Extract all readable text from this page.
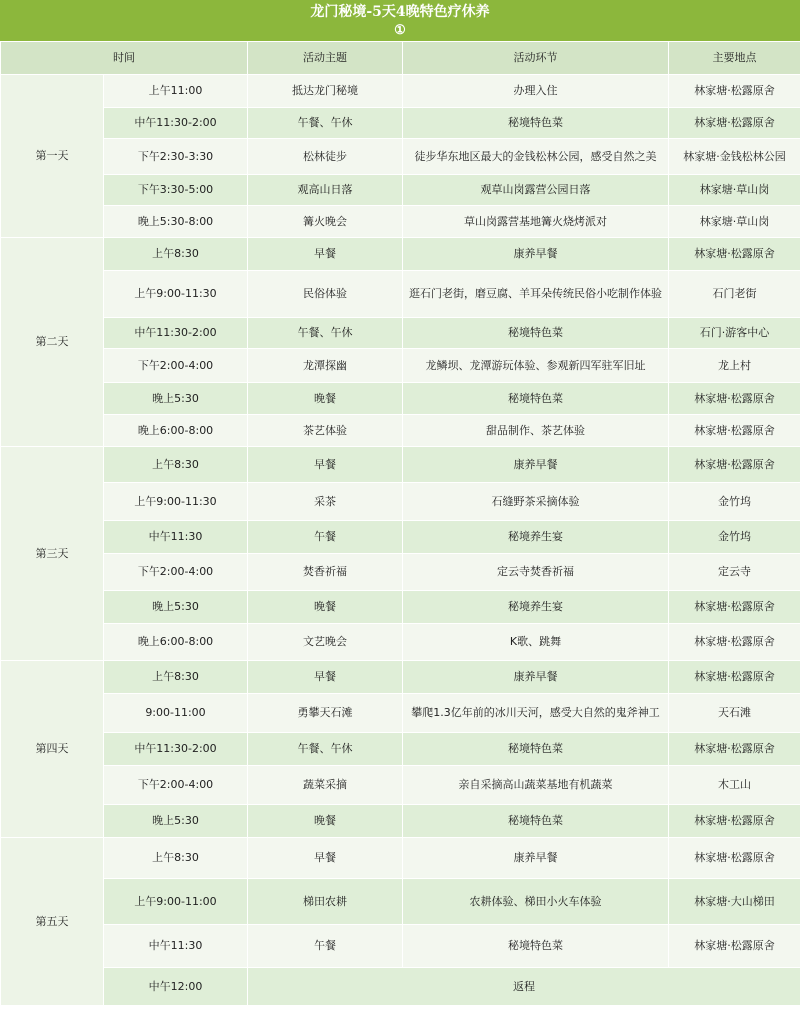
龙门秘境-5天4晚特色疗休养
①
时间		活动主题	活动环节	主要地点
第一天	上午11:00	抵达龙门秘境	办理入住	林家塘·松露原舍
	中午11:30-2:00	午餐、午休	秘境特色菜	林家塘·松露原舍
	下午2:30-3:30	松林徒步	徒步华东地区最大的金钱松林公园，感受自然之美	林家塘·金钱松林公园
	下午3:30-5:00	观高山日落	观草山岗露营公园日落	林家塘·草山岗
	晚上5:30-8:00	篝火晚会	草山岗露营基地篝火烧烤派对	林家塘·草山岗
第二天	上午8:30	早餐	康养早餐	林家塘·松露原舍
	上午9:00-11:30	民俗体验	逛石门老街，磨豆腐、羊耳朵传统民俗小吃制作体验	石门老街
	中午11:30-2:00	午餐、午休	秘境特色菜	石门·游客中心
	下午2:00-4:00	龙潭探幽	龙鳞坝、龙潭游玩体验、参观新四军驻军旧址	龙上村
	晚上5:30	晚餐	秘境特色菜	林家塘·松露原舍
	晚上6:00-8:00	茶艺体验	甜品制作、茶艺体验	林家塘·松露原舍
第三天	上午8:30	早餐	康养早餐	林家塘·松露原舍
	上午9:00-11:30	采茶	石缝野茶采摘体验	金竹坞
	中午11:30	午餐	秘境养生宴	金竹坞
	下午2:00-4:00	焚香祈福	定云寺焚香祈福	定云寺
	晚上5:30	晚餐	秘境养生宴	林家塘·松露原舍
	晚上6:00-8:00	文艺晚会	K歌、跳舞	林家塘·松露原舍
第四天	上午8:30	早餐	康养早餐	林家塘·松露原舍
	9:00-11:00	勇攀天石滩	攀爬1.3亿年前的冰川天河，感受大自然的鬼斧神工	天石滩
	中午11:30-2:00	午餐、午休	秘境特色菜	林家塘·松露原舍
	下午2:00-4:00	蔬菜采摘	亲自采摘高山蔬菜基地有机蔬菜	木工山
	晚上5:30	晚餐	秘境特色菜	林家塘·松露原舍
第五天	上午8:30	早餐	康养早餐	林家塘·松露原舍
	上午9:00-11:00	梯田农耕	农耕体验、梯田小火车体验	林家塘·大山梯田
	中午11:30	午餐	秘境特色菜	林家塘·松露原舍
	中午12:00	返程		
